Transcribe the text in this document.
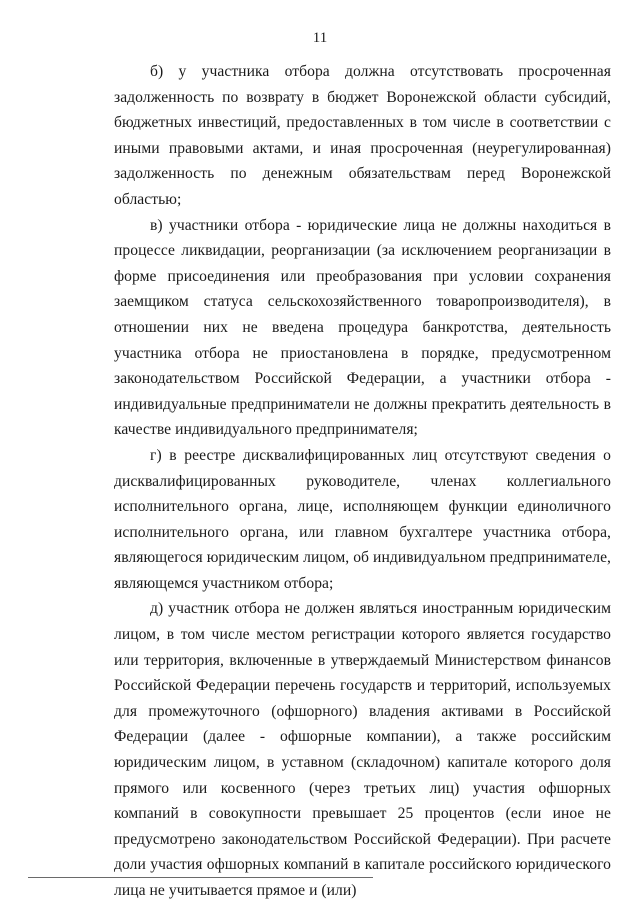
11

б) у участника отбора должна отсутствовать просроченная задолженность по возврату в бюджет Воронежской области субсидий, бюджетных инвестиций, предоставленных в том числе в соответствии с иными правовыми актами, и иная просроченная (неурегулированная) задолженность по денежным обязательствам перед Воронежской областью;

в) участники отбора - юридические лица не должны находиться в процессе ликвидации, реорганизации (за исключением реорганизации в форме присоединения или преобразования при условии сохранения заемщиком статуса сельскохозяйственного товаропроизводителя), в отношении них не введена процедура банкротства, деятельность участника отбора не приостановлена в порядке, предусмотренном законодательством Российской Федерации, а участники отбора - индивидуальные предприниматели не должны прекратить деятельность в качестве индивидуального предпринимателя;

г) в реестре дисквалифицированных лиц отсутствуют сведения о дисквалифицированных руководителе, членах коллегиального исполнительного органа, лице, исполняющем функции единоличного исполнительного органа, или главном бухгалтере участника отбора, являющегося юридическим лицом, об индивидуальном предпринимателе, являющемся участником отбора;

д) участник отбора не должен являться иностранным юридическим лицом, в том числе местом регистрации которого является государство или территория, включенные в утверждаемый Министерством финансов Российской Федерации перечень государств и территорий, используемых для промежуточного (офшорного) владения активами в Российской Федерации (далее - офшорные компании), а также российским юридическим лицом, в уставном (складочном) капитале которого доля прямого или косвенного (через третьих лиц) участия офшорных компаний в совокупности превышает 25 процентов (если иное не предусмотрено законодательством Российской Федерации). При расчете доли участия офшорных компаний в капитале российского юридического лица не учитывается прямое и (или)
